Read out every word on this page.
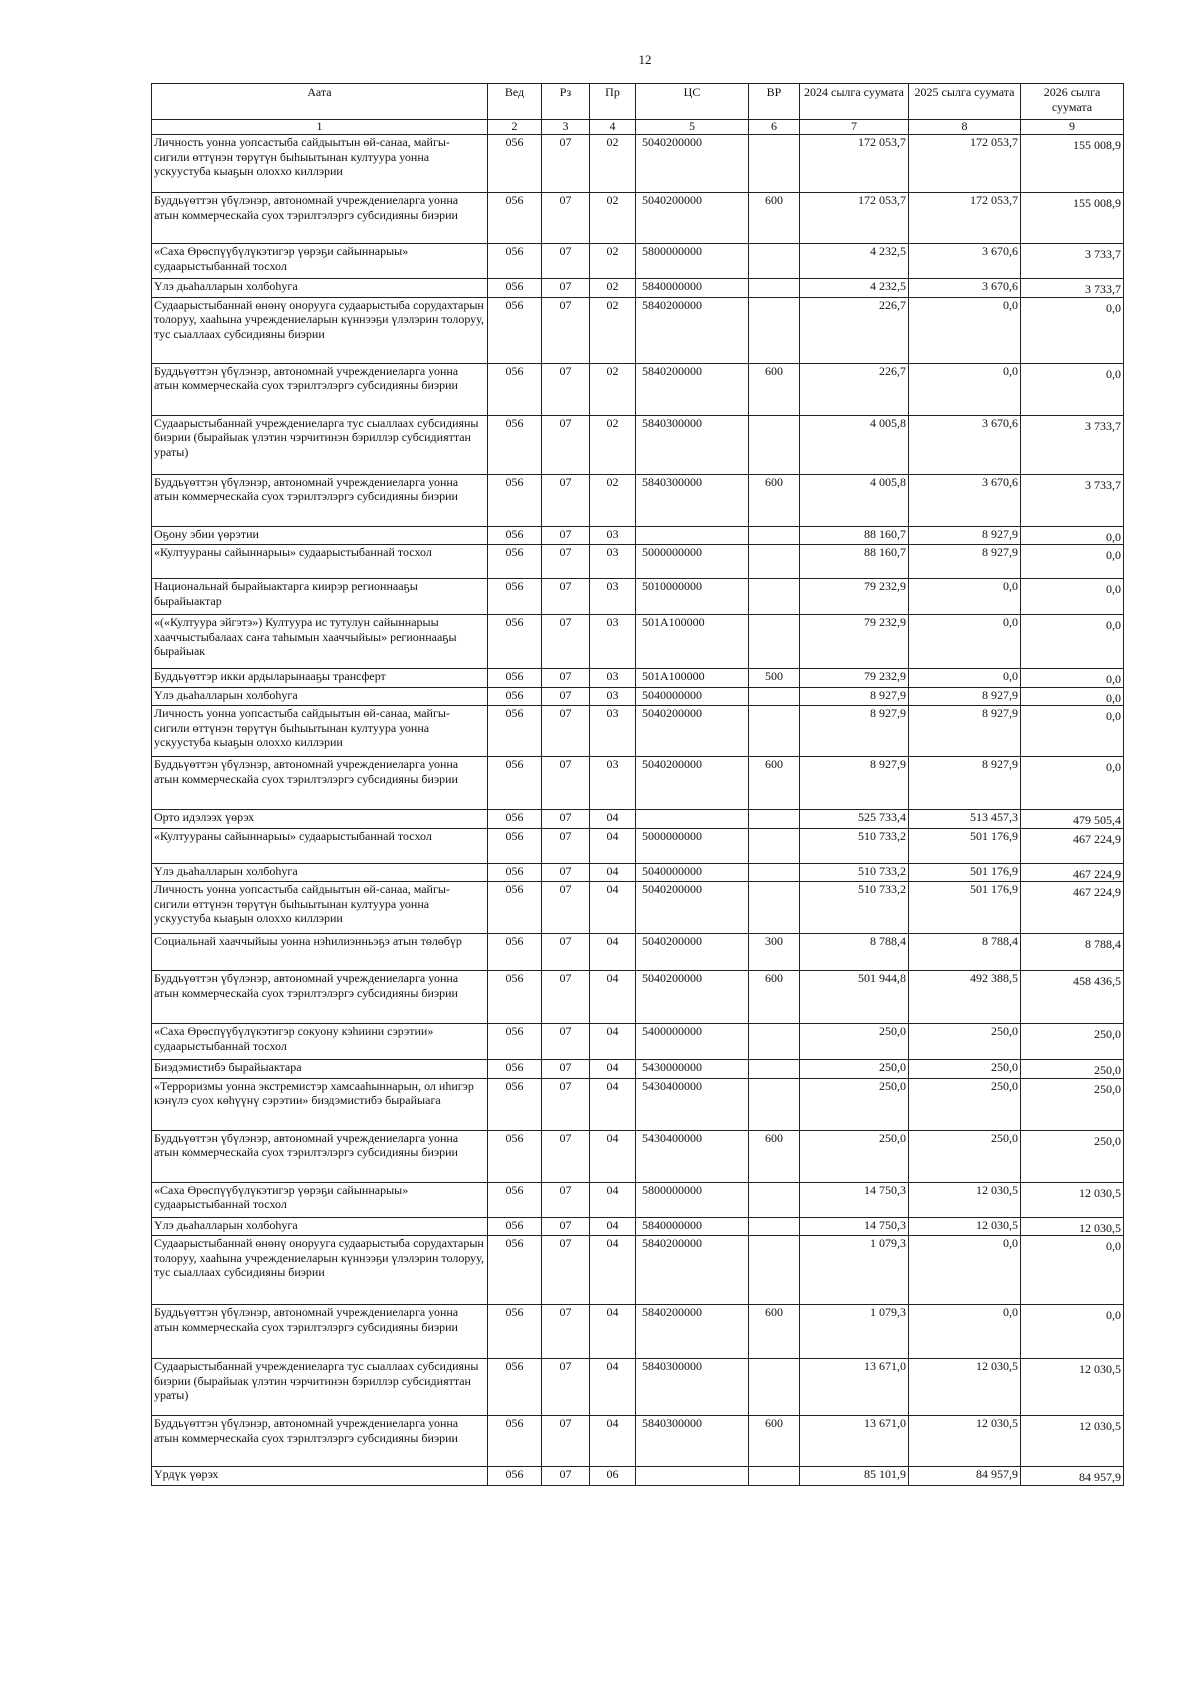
12
Аата	Вед	Рз	Пр	ЦС	ВР	2024 сылга суумата	2025 сылга суумата	2026 сылга суумата
1	2	3	4	5	6	7	8	9
Личность уонна уопсастыба сайдыытын өй-санаа, майгы-сигили өттүнэн төрүтүн быһыытынан култуура уонна ускуустуба кыаҕын олоххо киллэрии	056	07	02	5040200000		172 053,7	172 053,7	155 008,9
Буддьүөттэн үбүлэнэр, автономнай учреждениеларга уонна атын коммерческайа суох тэрилтэлэргэ субсидияны биэрии	056	07	02	5040200000	600	172 053,7	172 053,7	155 008,9
«Саха Өрөспүүбүлүкэтигэр үөрэҕи сайыннарыы» судаарыстыбаннай тосхол	056	07	02	5800000000		4 232,5	3 670,6	3 733,7
Үлэ дьаһалларын холбоһуга	056	07	02	5840000000		4 232,5	3 670,6	3 733,7
Судаарыстыбаннай өнөнү онорууга судаарыстыба сорудахтарын толоруу, хааһына учреждениеларын күннээҕи үлэлэрин толоруу, тус сыаллаах субсидияны биэрии	056	07	02	5840200000		226,7	0,0	0,0
Буддьүөттэн үбүлэнэр, автономнай учреждениеларга уонна атын коммерческайа суох тэрилтэлэргэ субсидияны биэрии	056	07	02	5840200000	600	226,7	0,0	0,0
Судаарыстыбаннай учреждениеларга тус сыаллаах субсидияны биэрии (бырайыак үлэтин чэрчитинэн бэриллэр субсидияттан ураты)	056	07	02	5840300000		4 005,8	3 670,6	3 733,7
Буддьүөттэн үбүлэнэр, автономнай учреждениеларга уонна атын коммерческайа суох тэрилтэлэргэ субсидияны биэрии	056	07	02	5840300000	600	4 005,8	3 670,6	3 733,7
Оҕону эбии үөрэтии	056	07	03			88 160,7	8 927,9	0,0
«Култуураны сайыннарыы» судаарыстыбаннай тосхол	056	07	03	5000000000		88 160,7	8 927,9	0,0
Национальнай бырайыактарга киирэр регионнааҕы бырайыактар	056	07	03	5010000000		79 232,9	0,0	0,0
«(«Култуура эйгэтэ») Култуура ис тутулун сайыннарыы хааччыстыбалаах саҥа таһымын хааччыйыы» регионнааҕы бырайыак	056	07	03	501А100000		79 232,9	0,0	0,0
Буддьүөттэр икки ардыларынааҕы трансферт	056	07	03	501А100000	500	79 232,9	0,0	0,0
Үлэ дьаһалларын холбоһуга	056	07	03	5040000000		8 927,9	8 927,9	0,0
Личность уонна уопсастыба сайдыытын өй-санаа, майгы-сигили өттүнэн төрүтүн быһыытынан култуура уонна ускуустуба кыаҕын олоххо киллэрии	056	07	03	5040200000		8 927,9	8 927,9	0,0
Буддьүөттэн үбүлэнэр, автономнай учреждениеларга уонна атын коммерческайа суох тэрилтэлэргэ субсидияны биэрии	056	07	03	5040200000	600	8 927,9	8 927,9	0,0
Орто идэлээх үөрэх	056	07	04			525 733,4	513 457,3	479 505,4
«Култуураны сайыннарыы» судаарыстыбаннай тосхол	056	07	04	5000000000		510 733,2	501 176,9	467 224,9
Үлэ дьаһалларын холбоһуга	056	07	04	5040000000		510 733,2	501 176,9	467 224,9
Личность уонна уопсастыба сайдыытын өй-санаа, майгы-сигили өттүнэн төрүтүн быһыытынан култуура уонна ускуустуба кыаҕын олоххо киллэрии	056	07	04	5040200000		510 733,2	501 176,9	467 224,9
Социальнай хааччыйыы уонна нэһилиэнньэҕэ атын төлөбүр	056	07	04	5040200000	300	8 788,4	8 788,4	8 788,4
Буддьүөттэн үбүлэнэр, автономнай учреждениеларга уонна атын коммерческайа суох тэрилтэлэргэ субсидияны биэрии	056	07	04	5040200000	600	501 944,8	492 388,5	458 436,5
«Саха Өрөспүүбүлүкэтигэр сокуону кэһиини сэрэтии» судаарыстыбаннай тосхол	056	07	04	5400000000		250,0	250,0	250,0
Биэдэмистибэ бырайыактара	056	07	04	5430000000		250,0	250,0	250,0
«Терроризмы уонна экстремистэр хамсааһыннарын, ол иһигэр кэнүлэ суох көһүүнү сэрэтии» биэдэмистибэ бырайыага	056	07	04	5430400000		250,0	250,0	250,0
Буддьүөттэн үбүлэнэр, автономнай учреждениеларга уонна атын коммерческайа суох тэрилтэлэргэ субсидияны биэрии	056	07	04	5430400000	600	250,0	250,0	250,0
«Саха Өрөспүүбүлүкэтигэр үөрэҕи сайыннарыы» судаарыстыбаннай тосхол	056	07	04	5800000000		14 750,3	12 030,5	12 030,5
Үлэ дьаһалларын холбоһуга	056	07	04	5840000000		14 750,3	12 030,5	12 030,5
Судаарыстыбаннай өнөнү онорууга судаарыстыба сорудахтарын толоруу, хааһына учреждениеларын күннээҕи үлэлэрин толоруу, тус сыаллаах субсидияны биэрии	056	07	04	5840200000		1 079,3	0,0	0,0
Буддьүөттэн үбүлэнэр, автономнай учреждениеларга уонна атын коммерческайа суох тэрилтэлэргэ субсидияны биэрии	056	07	04	5840200000	600	1 079,3	0,0	0,0
Судаарыстыбаннай учреждениеларга тус сыаллаах субсидияны биэрии (бырайыак үлэтин чэрчитинэн бэриллэр субсидияттан ураты)	056	07	04	5840300000		13 671,0	12 030,5	12 030,5
Буддьүөттэн үбүлэнэр, автономнай учреждениеларга уонна атын коммерческайа суох тэрилтэлэргэ субсидияны биэрии	056	07	04	5840300000	600	13 671,0	12 030,5	12 030,5
Үрдүк үөрэх	056	07	06			85 101,9	84 957,9	84 957,9
